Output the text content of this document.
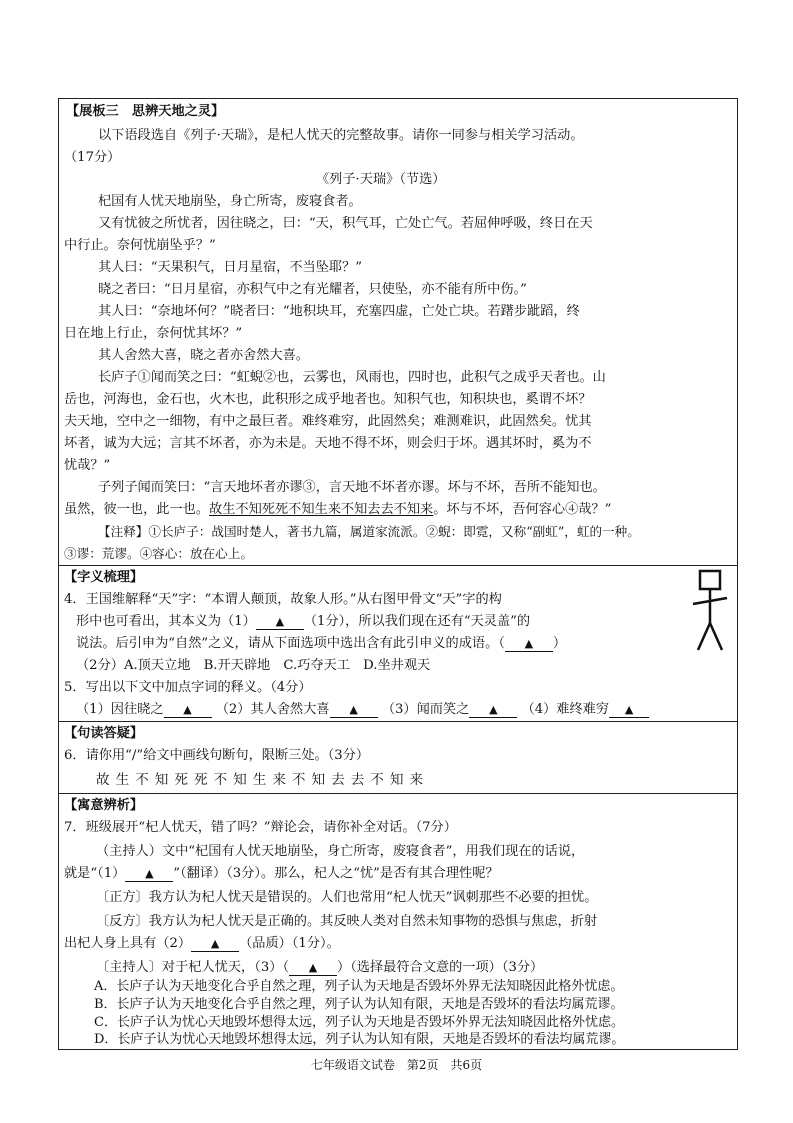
【展板三　思辨天地之灵】
以下语段选自《列子·天瑞》，是杞人忧天的完整故事。请你一同参与相关学习活动。
（17分）
《列子·天瑞》（节选）
杞国有人忧天地崩坠，身亡所寄，废寝食者。
又有忧彼之所忧者，因往晓之，曰：“天，积气耳，亡处亡气。若屈伸呼吸，终日在天
中行止。奈何忧崩坠乎？”
其人曰：“天果积气，日月星宿，不当坠耶？”
晓之者曰：“日月星宿，亦积气中之有光耀者，只使坠，亦不能有所中伤。”
其人曰：“奈地坏何？”晓者曰：“地积块耳，充塞四虚，亡处亡块。若躇步跐蹈，终
日在地上行止，奈何忧其坏？”
其人舍然大喜，晓之者亦舍然大喜。
长庐子①闻而笑之曰：“虹蜺②也，云雾也，风雨也，四时也，此积气之成乎天者也。山
岳也，河海也，金石也，火木也，此积形之成乎地者也。知积气也，知积块也，奚谓不坏？
夫天地，空中之一细物，有中之最巨者。难终难穷，此固然矣；难测难识，此固然矣。忧其
坏者，诚为大远；言其不坏者，亦为未是。天地不得不坏，则会归于坏。遇其坏时，奚为不
忧哉？”
子列子闻而笑曰：“言天地坏者亦谬③，言天地不坏者亦谬。坏与不坏，吾所不能知也。
虽然，彼一也，此一也。故生不知死死不知生来不知去去不知来。坏与不坏，吾何容心④哉？”
【注释】①长庐子：战国时楚人，著书九篇，属道家流派。②蜺：即霓，又称“副虹”，虹的一种。
③谬：荒谬。④容心：放在心上。
【字义梳理】
4．王国维解释“天”字：“本谓人颠顶，故象人形。”从右图甲骨文“天”字的构
形中也可看出，其本义为（1） ▲ （1分），所以我们现在还有“天灵盖”的
说法。后引申为“自然”之义，请从下面选项中选出含有此引申义的成语。（ ▲ ）
（2分）A.顶天立地　B.开天辟地　C.巧夺天工　D.坐井观天
5．写出以下文中加点字词的释义。（4分）
（1）因往晓之 ▲ （2）其人舍然大喜 ▲ （3）闻而笑之 ▲ （4）难终难穷 ▲
【句读答疑】
6．请你用“/”给文中画线句断句，限断三处。（3分）
故生不知死死不知生来不知去去不知来
【寓意辨析】
7．班级展开“杞人忧天，错了吗？”辩论会，请你补全对话。（7分）
（主持人）文中“杞国有人忧天地崩坠，身亡所寄，废寝食者”，用我们现在的话说，
就是“（1） ▲ ”（翻译）（3分）。那么，杞人之“忧”是否有其合理性呢？
〔正方〕我方认为杞人忧天是错误的。人们也常用“杞人忧天”讽刺那些不必要的担忧。
〔反方〕我方认为杞人忧天是正确的。其反映人类对自然未知事物的恐惧与焦虑，折射
出杞人身上具有（2） ▲ （品质）（1分）。
〔主持人〕对于杞人忧天，（3）（ ▲ ）（选择最符合文意的一项）（3分）
A．长庐子认为天地变化合乎自然之理，列子认为天地是否毁坏外界无法知晓因此格外忧虑。
B．长庐子认为天地变化合乎自然之理，列子认为认知有限，天地是否毁坏的看法均属荒谬。
C．长庐子认为忧心天地毁坏想得太远，列子认为天地是否毁坏外界无法知晓因此格外忧虑。
D．长庐子认为忧心天地毁坏想得太远，列子认为认知有限，天地是否毁坏的看法均属荒谬。
七年级语文试卷　第2页　共6页
